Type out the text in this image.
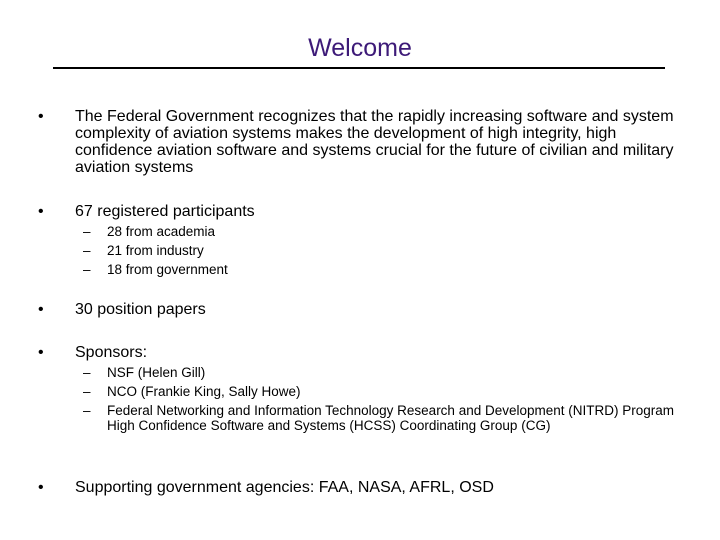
Welcome
• The Federal Government recognizes that the rapidly increasing software and system complexity of aviation systems makes the development of high integrity, high confidence aviation software and systems crucial for the future of civilian and military aviation systems
• 67 registered participants
– 28 from academia
– 21 from industry
– 18 from government
• 30 position papers
• Sponsors:
– NSF (Helen Gill)
– NCO (Frankie King, Sally Howe)
– Federal Networking and Information Technology Research and Development (NITRD) Program High Confidence Software and Systems (HCSS) Coordinating Group (CG)
• Supporting government agencies: FAA, NASA, AFRL, OSD
